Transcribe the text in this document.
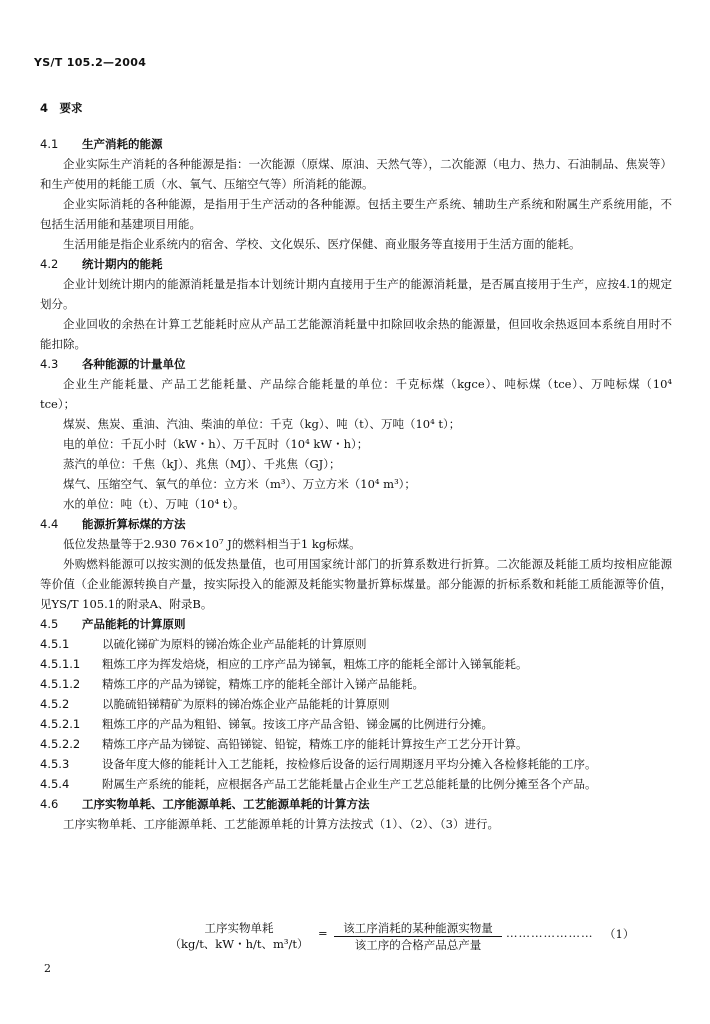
YS/T 105.2—2004
4　要求
4.1 生产消耗的能源

企业实际生产消耗的各种能源是指：一次能源（原煤、原油、天然气等），二次能源（电力、热力、石油制品、焦炭等）和生产使用的耗能工质（水、氧气、压缩空气等）所消耗的能源。

企业实际消耗的各种能源，是指用于生产活动的各种能源。包括主要生产系统、辅助生产系统和附属生产系统用能，不包括生活用能和基建项目用能。

生活用能是指企业系统内的宿舍、学校、文化娱乐、医疗保健、商业服务等直接用于生活方面的能耗。

4.2 统计期内的能耗

企业计划统计期内的能源消耗量是指本计划统计期内直接用于生产的能源消耗量，是否属直接用于生产，应按4.1的规定划分。

企业回收的余热在计算工艺能耗时应从产品工艺能源消耗量中扣除回收余热的能源量，但回收余热返回本系统自用时不能扣除。

4.3 各种能源的计量单位

企业生产能耗量、产品工艺能耗量、产品综合能耗量的单位：千克标煤（kgce）、吨标煤（tce）、万吨标煤（10⁴ tce）；

煤炭、焦炭、重油、汽油、柴油的单位：千克（kg）、吨（t）、万吨（10⁴ t）；

电的单位：千瓦小时（kW・h）、万千瓦时（10⁴ kW・h）；

蒸汽的单位：千焦（kJ）、兆焦（MJ）、千兆焦（GJ）；

煤气、压缩空气、氧气的单位：立方米（m³）、万立方米（10⁴ m³）；

水的单位：吨（t）、万吨（10⁴ t）。

4.4 能源折算标煤的方法

低位发热量等于2.930 76×10⁷ J的燃料相当于1 kg标煤。

外购燃料能源可以按实测的低发热量值，也可用国家统计部门的折算系数进行折算。二次能源及耗能工质均按相应能源等价值（企业能源转换自产量，按实际投入的能源及耗能实物量折算标煤量。部分能源的折标系数和耗能工质能源等价值，见YS/T 105.1的附录A、附录B。

4.5 产品能耗的计算原则
4.5.1	以硫化锑矿为原料的锑冶炼企业产品能耗的计算原则
4.5.1.1 粗炼工序为挥发焙烧，相应的工序产品为锑氧，粗炼工序的能耗全部计入锑氧能耗。
4.5.1.2 精炼工序的产品为锑锭，精炼工序的能耗全部计入锑产品能耗。
4.5.2	以脆硫铅锑精矿为原料的锑冶炼企业产品能耗的计算原则
4.5.2.1 粗炼工序的产品为粗铅、锑氧。按该工序产品含铅、锑金属的比例进行分摊。
4.5.2.2 精炼工序产品为锑锭、高铅锑锭、铅锭，精炼工序的能耗计算按生产工艺分开计算。
4.5.3	设备年度大修的能耗计入工艺能耗，按检修后设备的运行周期逐月平均分摊入各检修耗能的工序。
4.5.4	附属生产系统的能耗，应根据各产品工艺能耗量占企业生产工艺总能耗量的比例分摊至各个产品。
4.6 工序实物单耗、工序能源单耗、工艺能源单耗的计算方法

工序实物单耗、工序能源单耗、工艺能源单耗的计算方法按式（1）、（2）、（3）进行。

工序实物单耗
（kg/t、kW・h/t、m³/t）
=	该工序消耗的某种能源实物量
该工序的合格产品总产量
………………… （1）
2
